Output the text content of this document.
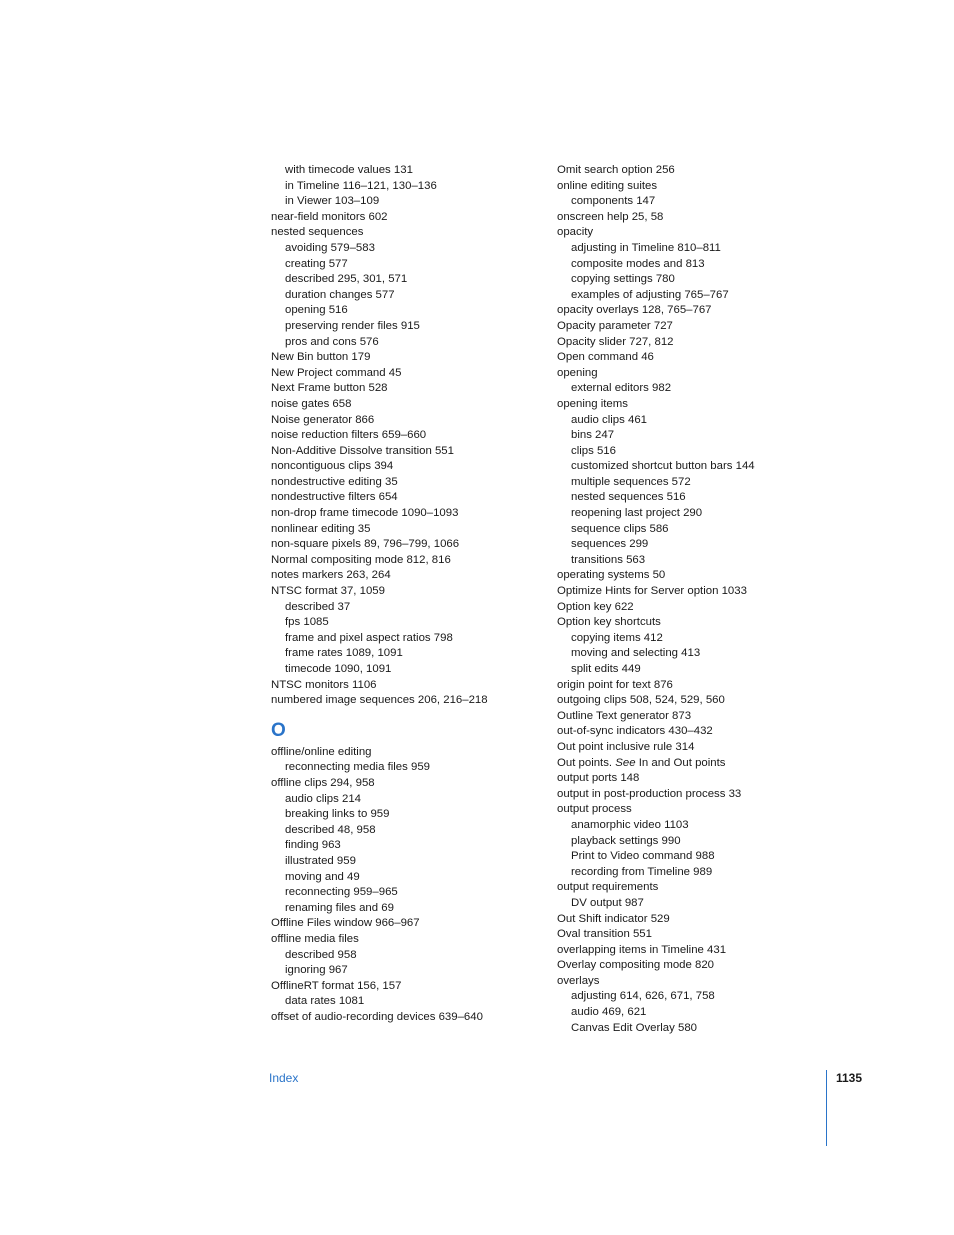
with timecode values 131
in Timeline 116–121, 130–136
in Viewer 103–109
near-field monitors 602
nested sequences
avoiding 579–583
creating 577
described 295, 301, 571
duration changes 577
opening 516
preserving render files 915
pros and cons 576
New Bin button 179
New Project command 45
Next Frame button 528
noise gates 658
Noise generator 866
noise reduction filters 659–660
Non-Additive Dissolve transition 551
noncontiguous clips 394
nondestructive editing 35
nondestructive filters 654
non-drop frame timecode 1090–1093
nonlinear editing 35
non-square pixels 89, 796–799, 1066
Normal compositing mode 812, 816
notes markers 263, 264
NTSC format 37, 1059
described 37
fps 1085
frame and pixel aspect ratios 798
frame rates 1089, 1091
timecode 1090, 1091
NTSC monitors 1106
numbered image sequences 206, 216–218
O
offline/online editing
reconnecting media files 959
offline clips 294, 958
audio clips 214
breaking links to 959
described 48, 958
finding 963
illustrated 959
moving and 49
reconnecting 959–965
renaming files and 69
Offline Files window 966–967
offline media files
described 958
ignoring 967
OfflineRT format 156, 157
data rates 1081
offset of audio-recording devices 639–640
Omit search option 256
online editing suites
components 147
onscreen help 25, 58
opacity
adjusting in Timeline 810–811
composite modes and 813
copying settings 780
examples of adjusting 765–767
opacity overlays 128, 765–767
Opacity parameter 727
Opacity slider 727, 812
Open command 46
opening
external editors 982
opening items
audio clips 461
bins 247
clips 516
customized shortcut button bars 144
multiple sequences 572
nested sequences 516
reopening last project 290
sequence clips 586
sequences 299
transitions 563
operating systems 50
Optimize Hints for Server option 1033
Option key 622
Option key shortcuts
copying items 412
moving and selecting 413
split edits 449
origin point for text 876
outgoing clips 508, 524, 529, 560
Outline Text generator 873
out-of-sync indicators 430–432
Out point inclusive rule 314
Out points. See In and Out points
output ports 148
output in post-production process 33
output process
anamorphic video 1103
playback settings 990
Print to Video command 988
recording from Timeline 989
output requirements
DV output 987
Out Shift indicator 529
Oval transition 551
overlapping items in Timeline 431
Overlay compositing mode 820
overlays
adjusting 614, 626, 671, 758
audio 469, 621
Canvas Edit Overlay 580
Index	1135
